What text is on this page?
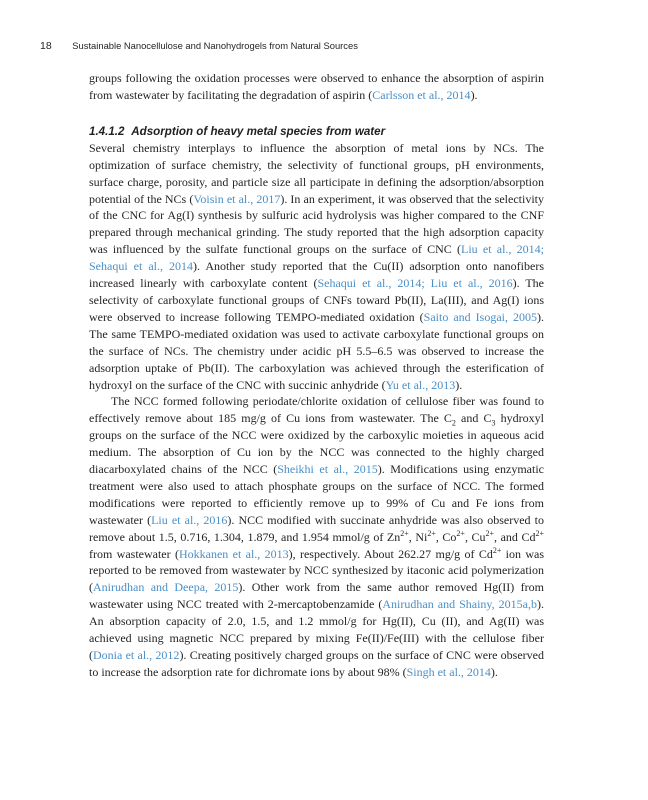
18 Sustainable Nanocellulose and Nanohydrogels from Natural Sources

groups following the oxidation processes were observed to enhance the absorption of aspirin from wastewater by facilitating the degradation of aspirin (Carlsson et al., 2014).

1.4.1.2 Adsorption of heavy metal species from water

Several chemistry interplays to influence the absorption of metal ions by NCs. The optimization of surface chemistry, the selectivity of functional groups, pH environments, surface charge, porosity, and particle size all participate in defining the adsorption/absorption potential of the NCs (Voisin et al., 2017). In an experiment, it was observed that the selectivity of the CNC for Ag(I) synthesis by sulfuric acid hydrolysis was higher compared to the CNF prepared through mechanical grinding. The study reported that the high adsorption capacity was influenced by the sulfate functional groups on the surface of CNC (Liu et al., 2014; Sehaqui et al., 2014). Another study reported that the Cu(II) adsorption onto nanofibers increased linearly with carboxylate content (Sehaqui et al., 2014; Liu et al., 2016). The selectivity of carboxylate functional groups of CNFs toward Pb(II), La(III), and Ag(I) ions were observed to increase following TEMPO-mediated oxidation (Saito and Isogai, 2005). The same TEMPO-mediated oxidation was used to activate carboxylate functional groups on the surface of NCs. The chemistry under acidic pH 5.5–6.5 was observed to increase the adsorption uptake of Pb(II). The carboxylation was achieved through the esterification of hydroxyl on the surface of the CNC with succinic anhydride (Yu et al., 2013).

The NCC formed following periodate/chlorite oxidation of cellulose fiber was found to effectively remove about 185 mg/g of Cu ions from wastewater. The $C_2$ and $C_3$ hydroxyl groups on the surface of the NCC were oxidized by the carboxylic moieties in aqueous acid medium. The absorption of Cu ion by the NCC was connected to the highly charged diacarboxylated chains of the NCC (Sheikhi et al., 2015). Modifications using enzymatic treatment were also used to attach phosphate groups on the surface of NCC. The formed modifications were reported to efficiently remove up to 99% of Cu and Fe ions from wastewater (Liu et al., 2016). NCC modified with succinate anhydride was also observed to remove about 1.5, 0.716, 1.304, 1.879, and 1.954 mmol/g of $Zn^{2+}$, $Ni^{2+}$, $Co^{2+}$, $Cu^{2+}$, and $Cd^{2+}$ from wastewater (Hokkanen et al., 2013), respectively. About 262.27 mg/g of $Cd^{2+}$ ion was reported to be removed from wastewater by NCC synthesized by itaconic acid polymerization (Anirudhan and Deepa, 2015). Other work from the same author removed Hg(II) from wastewater using NCC treated with 2-mercaptobenzamide (Anirudhan and Shainy, 2015a,b). An absorption capacity of 2.0, 1.5, and 1.2 mmol/g for Hg(II), Cu (II), and Ag(II) was achieved using magnetic NCC prepared by mixing Fe(II)/Fe(III) with the cellulose fiber (Donia et al., 2012). Creating positively charged groups on the surface of CNC were observed to increase the adsorption rate for dichromate ions by about 98% (Singh et al., 2014).
